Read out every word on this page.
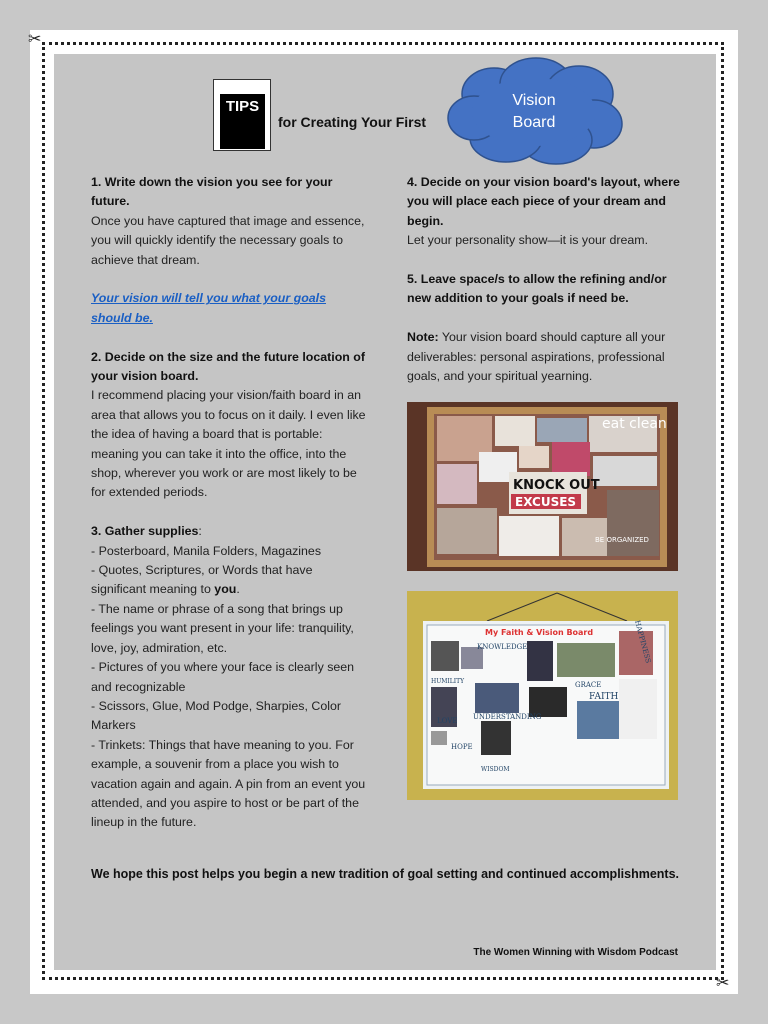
✂
✂
TIPS
for Creating Your First
Vision
Board

1. Write down the vision you see for your future.

Once you have captured that image and essence, you will quickly identify the necessary goals to achieve that dream.

Your vision will tell you what your goals should be.

2. Decide on the size and the future location of your vision board.

I recommend placing your vision/faith board in an area that allows you to focus on it daily. I even like the idea of having a board that is portable: meaning you can take it into the office, into the shop, wherever you work or are most likely to be for extended periods.

3. Gather supplies:

- Posterboard, Manila Folders, Magazines

- Quotes, Scriptures, or Words that have significant meaning to you.

- The name or phrase of a song that brings up feelings you want present in your life: tranquility, love, joy, admiration, etc.

- Pictures of you where your face is clearly seen and recognizable

- Scissors, Glue, Mod Podge, Sharpies, Color Markers

- Trinkets: Things that have meaning to you. For example, a souvenir from a place you wish to vacation again and again. A pin from an event you attended, and you aspire to host or be part of the lineup in the future.

4. Decide on your vision board's layout, where you will place each piece of your dream and begin.

Let your personality show—it is your dream.

5. Leave space/s to allow the refining and/or new addition to your goals if need be.

Note: Your vision board should capture all your deliverables: personal aspirations, professional goals, and your spiritual yearning.

eat clean
KNOCK OUT
EXCUSES
BE ORGANIZED
My Faith & Vision Board
KNOWLEDGE
HUMILITY	GRACE
FAITH
LOVE UNDERSTANDING
HOPE
WISDOM
HAPPINESS
We hope this post helps you begin a new tradition of goal setting and continued accomplishments.
The Women Winning with Wisdom Podcast
